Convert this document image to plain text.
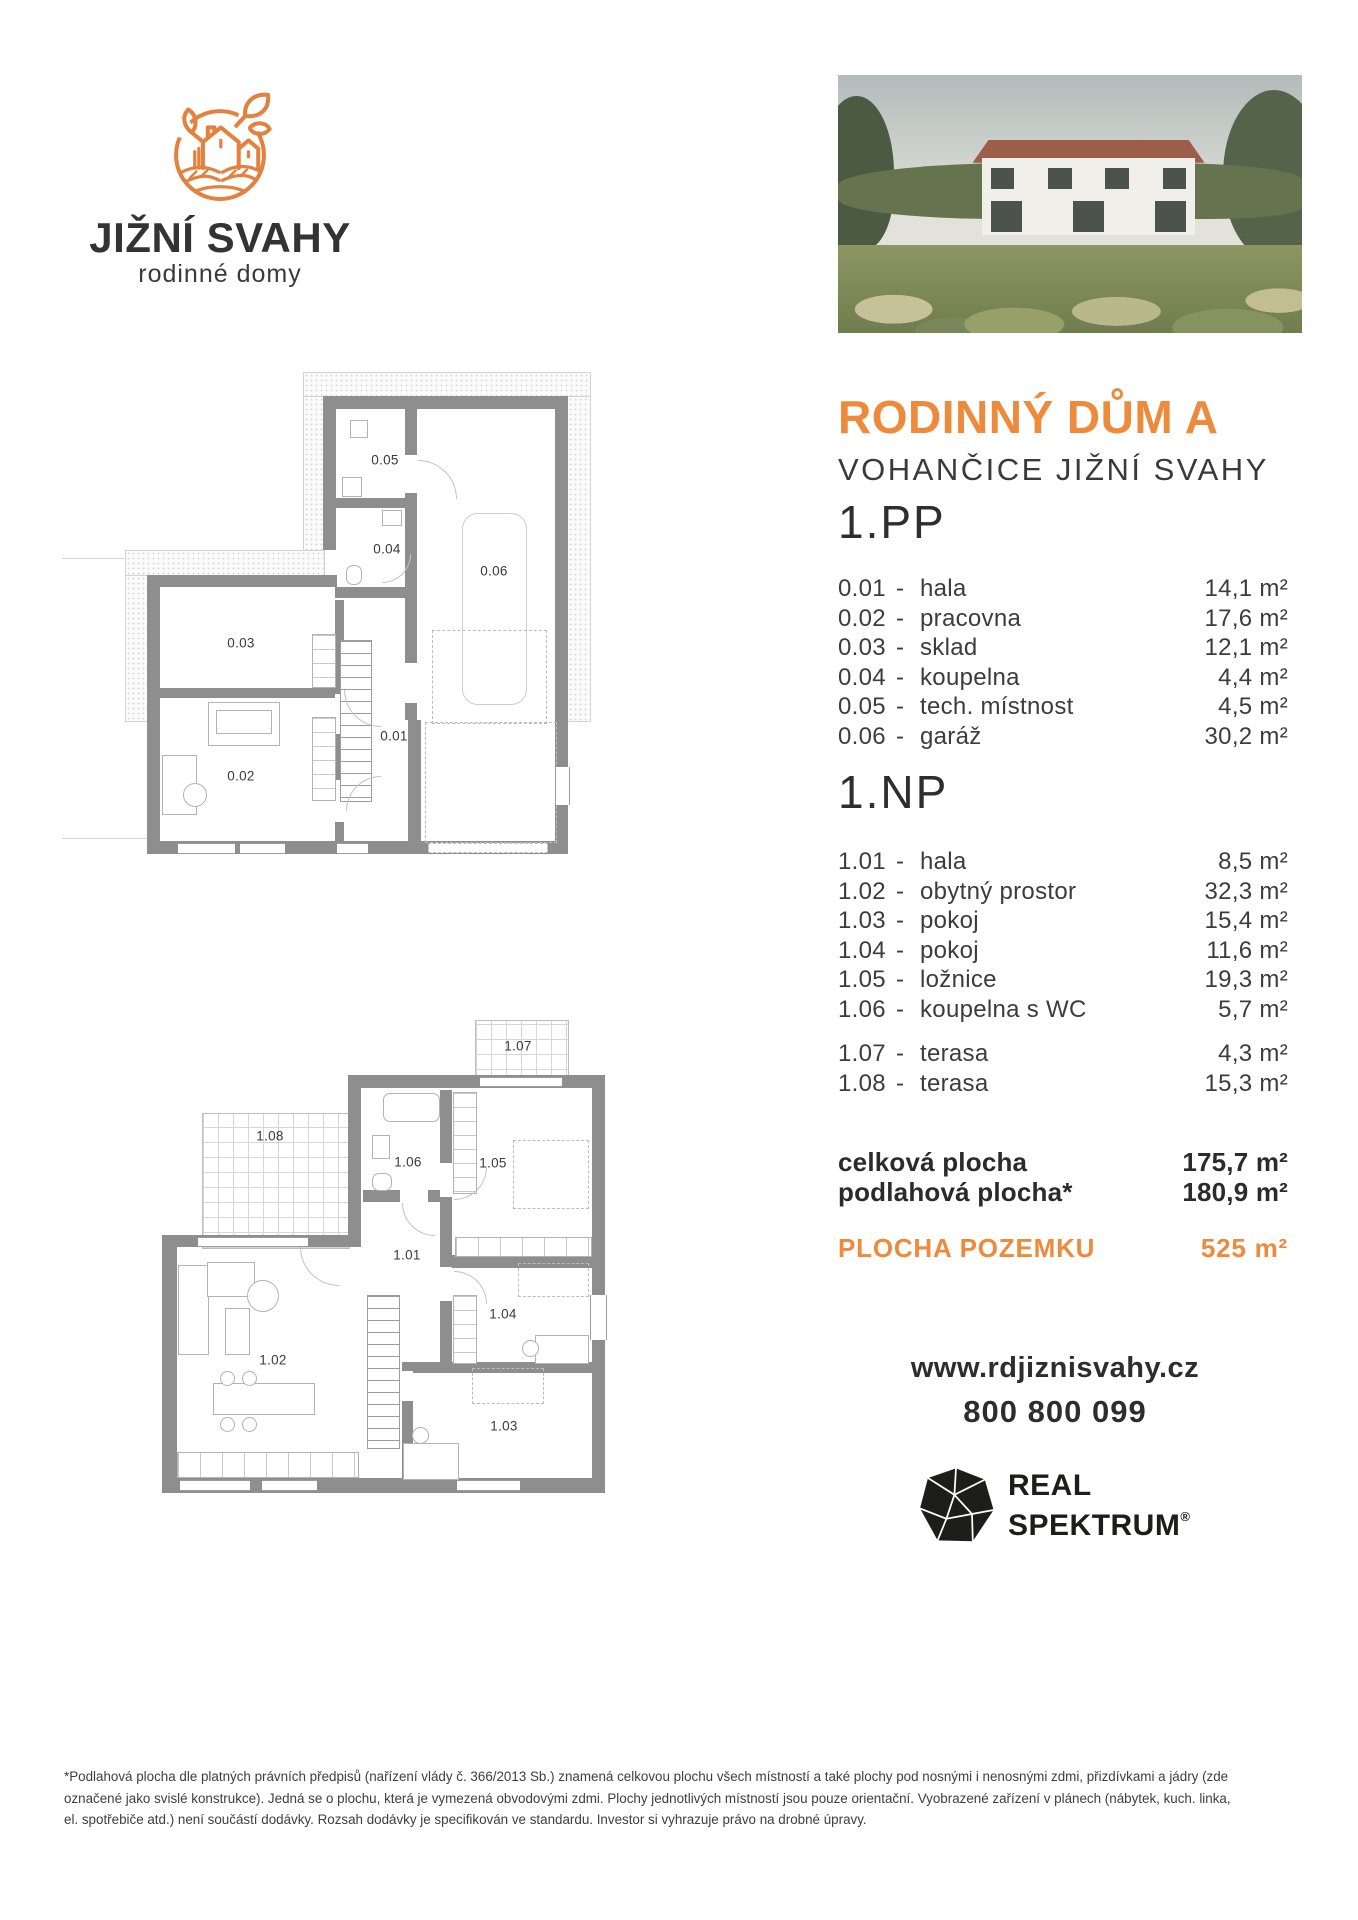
JIŽNÍ SVAHY
rodinné domy
RODINNÝ DŮM A
VOHANČICE JIŽNÍ SVAHY
1.PP
0.01 - hala	14,1 m²
0.02 - pracovna	17,6 m²
0.03 - sklad	12,1 m²
0.04 - koupelna	4,4 m²
0.05 - tech. místnost	4,5 m²
0.06 - garáž	30,2 m²
1.NP
1.01 - hala	8,5 m²
1.02 - obytný prostor	32,3 m²
1.03 - pokoj	15,4 m²
1.04 - pokoj	11,6 m²
1.05 - ložnice	19,3 m²
1.06 - koupelna s WC	5,7 m²
1.07 - terasa	4,3 m²
1.08 - terasa	15,3 m²
celková plocha	175,7 m²
podlahová plocha*	180,9 m²
PLOCHA POZEMKU	525 m²
www.rdjiznisvahy.cz
800 800 099
REAL
SPEKTRUM®
0.05
0.04
0.03
0.06
0.01
0.02
1.07
1.08
1.06	1.05
1.01
1.04
1.02
1.03
*Podlahová plocha dle platných právních předpisů (nařízení vlády č. 366/2013 Sb.) znamená celkovou plochu všech místností a také plochy pod nosnými i nenosnými zdmi, přizdívkami a jádry (zde
označené jako svislé konstrukce). Jedná se o plochu, která je vymezená obvodovými zdmi. Plochy jednotlivých místností jsou pouze orientační. Vyobrazené zařízení v plánech (nábytek, kuch. linka,
el. spotřebiče atd.) není součástí dodávky. Rozsah dodávky je specifikován ve standardu. Investor si vyhrazuje právo na drobné úpravy.
